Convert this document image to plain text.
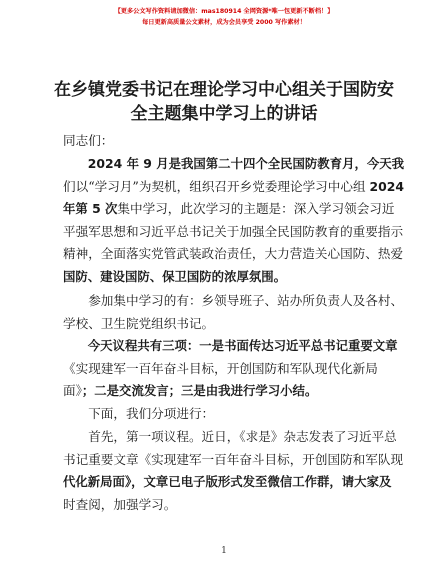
【更多公文写作资料请加微信：mas180914 全网资源*唯一包更新不断档！】
每日更新高质量公文素材，成为会员享受 2000 写作素材！
在乡镇党委书记在理论学习中心组关于国防安
全主题集中学习上的讲话
同志们：
　　2024 年 9 月是我国第二十四个全民国防教育月，今天我
们以“学习月”为契机，组织召开乡党委理论学习中心组 2024
年第 5 次集中学习，此次学习的主题是：深入学习领会习近
平强军思想和习近平总书记关于加强全民国防教育的重要指示
精神，全面落实党管武装政治责任，大力营造关心国防、热爱
国防、建设国防、保卫国防的浓厚氛围。
　　参加集中学习的有：乡领导班子、站办所负责人及各村、
学校、卫生院党组织书记。
　　今天议程共有三项：一是书面传达习近平总书记重要文章
《实现建军一百年奋斗目标，开创国防和军队现代化新局
面》；二是交流发言；三是由我进行学习小结。
　　下面，我们分项进行：
　　首先，第一项议程。近日，《求是》杂志发表了习近平总
书记重要文章《实现建军一百年奋斗目标，开创国防和军队现
代化新局面》，文章已电子版形式发至微信工作群，请大家及
时查阅，加强学习。
1
